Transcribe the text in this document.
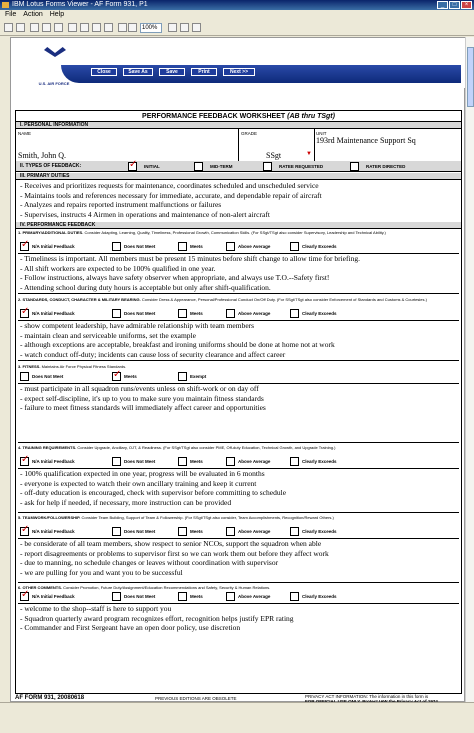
IBM Lotus Forms Viewer - AF Form 931, P1	_	□	×
File Action Help
100%
U.S. AIR FORCE
Close	Save As	Save	Print	Next >>
PERFORMANCE FEEDBACK WORKSHEET (AB thru TSgt)
I. PERSONAL INFORMATION
NAME
Smith, John Q.
GRADE
SSgt	▼
UNIT
193rd Maintenance Support Sq
II. TYPES OF FEEDBACK:	✓	INITIAL	MID-TERM	RATEE REQUESTED	RATER DIRECTED
III. PRIMARY DUTIES
- Receives and prioritizes requests for maintenance, coordinates scheduled and unscheduled service
- Maintains tools and references necessary for immediate, accurate, and dependable repair of aircraft
- Analyzes and repairs reported instrument malfunctions or failures
- Supervises, instructs 4 Airmen in operations and maintenance of non-alert aircraft
IV. PERFORMANCE FEEDBACK
1. PRIMARY/ADDITIONAL DUTIES. Consider Adapting, Learning, Quality, Timeliness, Professional Growth, Communication Skills. (For SSgt/TSgt also consider Supervisory, Leadership and Technical Ability.)
✓ N/A Initial Feedback	Does Not Meet	Meets	Above Average	Clearly Exceeds
- Timeliness is important. All members must be present 15 minutes before shift change to allow time for briefing.
- All shift workers are expected to be 100% qualified in one year.
- Follow instructions, always have safety observer when appropriate, and always use T.O.--Safety first!
- Attending school during duty hours is acceptable but only after shift-qualification.
2. STANDARDS, CONDUCT, CHARACTER & MILITARY BEARING. Consider Dress & Appearance, Personal/Professional Conduct On/Off Duty. (For SSgt/TSgt also consider Enforcement of Standards and Customs & Courtesies.)
✓ N/A Initial Feedback	Does Not Meet	Meets	Above Average	Clearly Exceeds
- show competent leadership, have admirable relationship with team members
- maintain clean and serviceable uniforms, set the example
- although exceptions are acceptable, breakfast and ironing uniforms should be done at home not at work
- watch conduct off-duty; incidents can cause loss of security clearance and affect career
3. FITNESS. Maintains Air Force Physical Fitness Standards.
Does Not Meet	✓ Meets	Exempt
- must participate in all squadron runs/events unless on shift-work or on day off
- expect self-discipline, it's up to you to make sure you maintain fitness standards
- failure to meet fitness standards will immediately affect career and opportunities
4. TRAINING REQUIREMENTS. Consider Upgrade, Ancillary, OJT, & Readiness. (For SSgt/TSgt also consider PME, Off-duty Education, Technical Growth, and Upgrade Training.)
✓ N/A Initial Feedback	Does Not Meet	Meets	Above Average	Clearly Exceeds
- 100% qualification expected in one year, progress will be evaluated in 6 months
- everyone is expected to watch their own ancillary training and keep it current
- off-duty education is encouraged, check with supervisor before committing to schedule
- ask for help if needed, if necessary, more instruction can be provided
5. TEAMWORK/FOLLOWERSHIP. Consider Team Building, Support of Team & Followership. (For SSgt/TSgt also consider, Team Accomplishments, Recognition/Reward Others.)
✓ N/A Initial Feedback	Does Not Meet	Meets	Above Average	Clearly Exceeds
- be considerate of all team members, show respect to senior NCOs, support the squadron when able
- report disagreements or problems to supervisor first so we can work them out before they affect work
- due to manning, no schedule changes or leaves without coordination with supervisor
- we are pulling for you and want you to be successful
6. OTHER COMMENTS. Consider Promotion, Future Duty/Assignment/Education Recommendations and Safety, Security & Human Relations.
✓ N/A Initial Feedback	Does Not Meet	Meets	Above Average	Clearly Exceeds
- welcome to the shop--staff is here to support you
- Squadron quarterly award program recognizes effort, recognition helps justify EPR rating
- Commander and First Sergeant have an open door policy, use discretion
AF FORM 931, 20080618	PREVIOUS EDITIONS ARE OBSOLETE	PRIVACY ACT INFORMATION: The information in this form is
